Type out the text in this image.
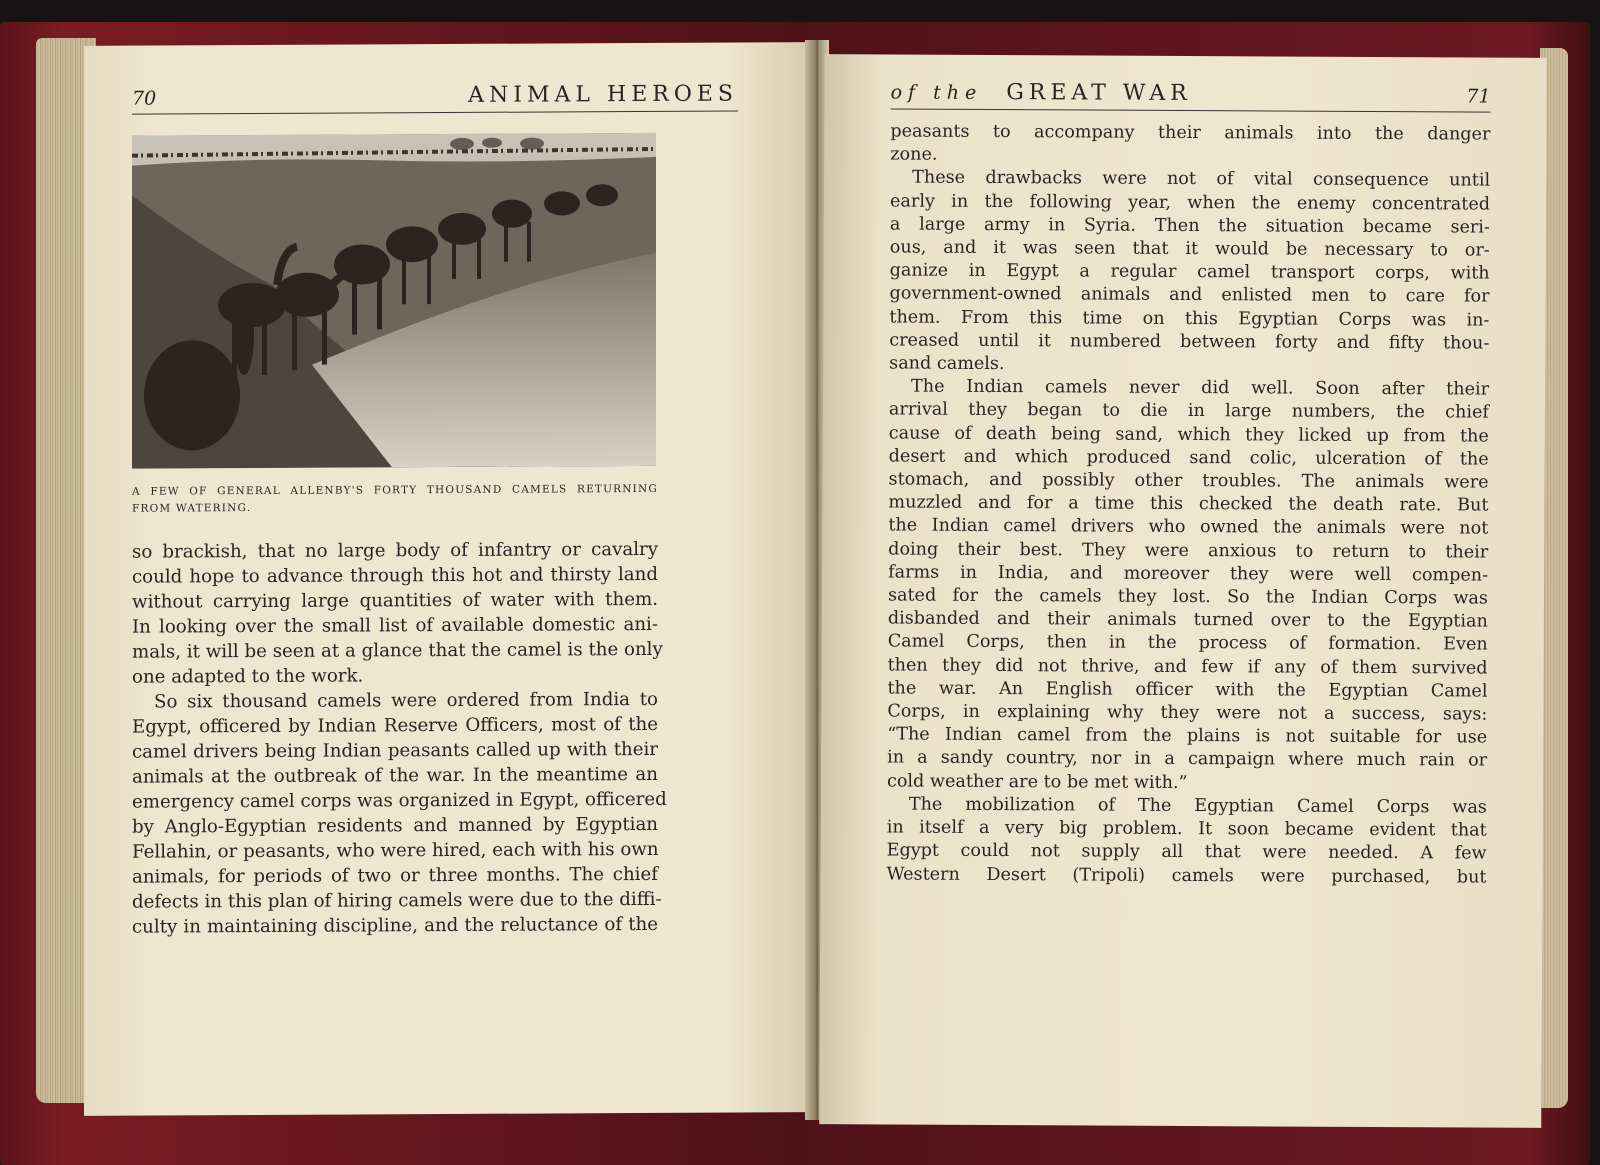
70	ANIMAL HEROES
A FEW OF GENERAL ALLENBY'S FORTY THOUSAND CAMELS RETURNING FROM WATERING.
so brackish, that no large body of infantry or cavalry
could hope to advance through this hot and thirsty land
without carrying large quantities of water with them.
In looking over the small list of available domestic ani-
mals, it will be seen at a glance that the camel is the only
one adapted to the work.
So six thousand camels were ordered from India to
Egypt, officered by Indian Reserve Officers, most of the
camel drivers being Indian peasants called up with their
animals at the outbreak of the war. In the meantime an
emergency camel corps was organized in Egypt, officered
by Anglo-Egyptian residents and manned by Egyptian
Fellahin, or peasants, who were hired, each with his own
animals, for periods of two or three months. The chief
defects in this plan of hiring camels were due to the diffi-
culty in maintaining discipline, and the reluctance of the
of the GREAT WAR	71
peasants to accompany their animals into the danger
zone.
These drawbacks were not of vital consequence until
early in the following year, when the enemy concentrated
a large army in Syria. Then the situation became seri-
ous, and it was seen that it would be necessary to or-
ganize in Egypt a regular camel transport corps, with
government-owned animals and enlisted men to care for
them. From this time on this Egyptian Corps was in-
creased until it numbered between forty and fifty thou-
sand camels.
The Indian camels never did well. Soon after their
arrival they began to die in large numbers, the chief
cause of death being sand, which they licked up from the
desert and which produced sand colic, ulceration of the
stomach, and possibly other troubles. The animals were
muzzled and for a time this checked the death rate. But
the Indian camel drivers who owned the animals were not
doing their best. They were anxious to return to their
farms in India, and moreover they were well compen-
sated for the camels they lost. So the Indian Corps was
disbanded and their animals turned over to the Egyptian
Camel Corps, then in the process of formation. Even
then they did not thrive, and few if any of them survived
the war. An English officer with the Egyptian Camel
Corps, in explaining why they were not a success, says:
“The Indian camel from the plains is not suitable for use
in a sandy country, nor in a campaign where much rain or
cold weather are to be met with.”
The mobilization of The Egyptian Camel Corps was
in itself a very big problem. It soon became evident that
Egypt could not supply all that were needed. A few
Western Desert (Tripoli) camels were purchased, but
